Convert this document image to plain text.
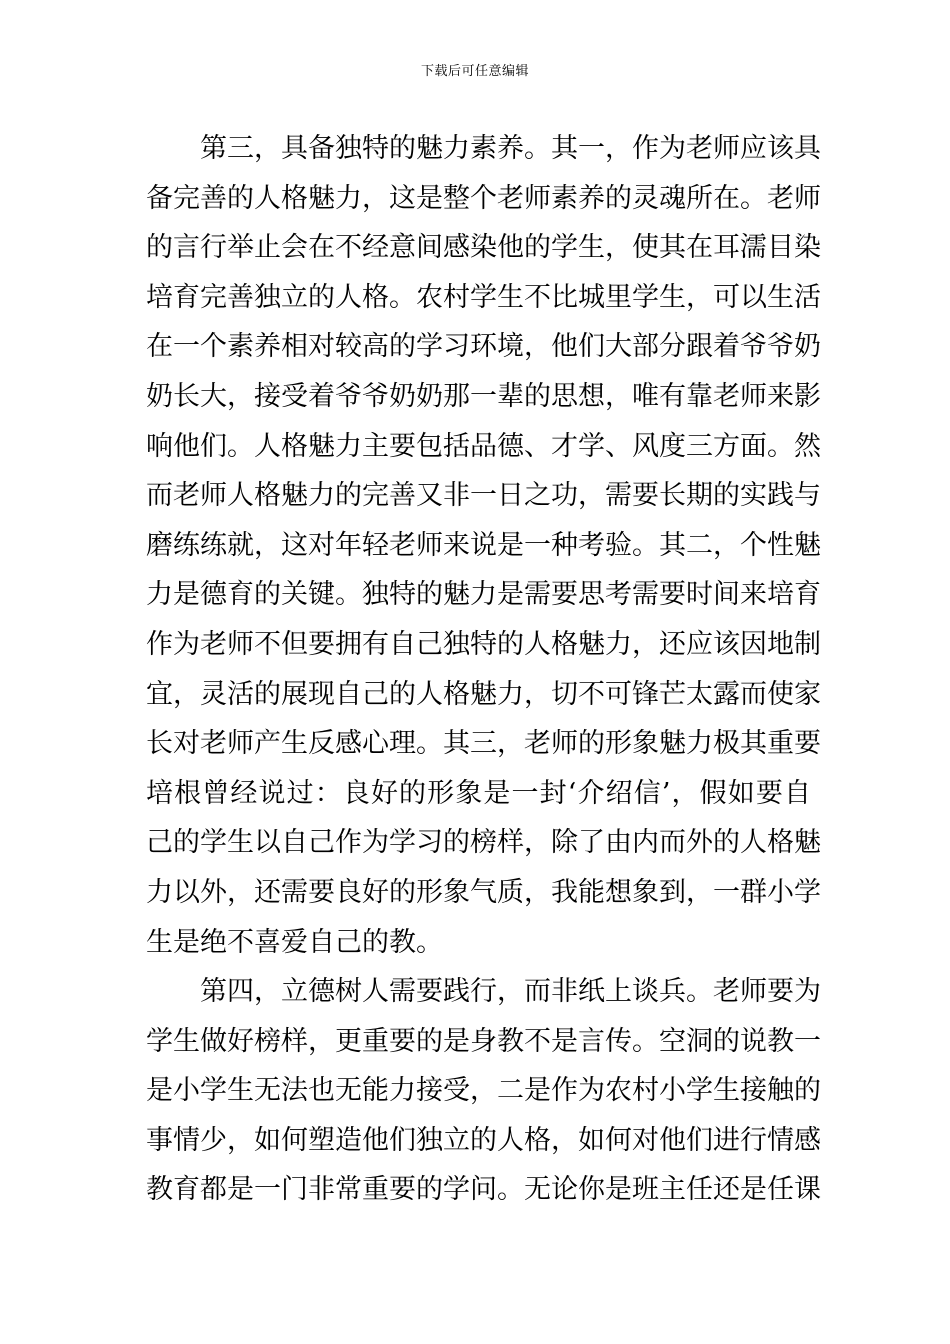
下载后可任意编辑
第三，具备独特的魅力素养。其一，作为老师应该具
备完善的人格魅力，这是整个老师素养的灵魂所在。老师
的言行举止会在不经意间感染他的学生，使其在耳濡目染
培育完善独立的人格。农村学生不比城里学生，可以生活
在一个素养相对较高的学习环境，他们大部分跟着爷爷奶
奶长大，接受着爷爷奶奶那一辈的思想，唯有靠老师来影
响他们。人格魅力主要包括品德、才学、风度三方面。然
而老师人格魅力的完善又非一日之功，需要长期的实践与
磨练练就，这对年轻老师来说是一种考验。其二，个性魅
力是德育的关键。独特的魅力是需要思考需要时间来培育
作为老师不但要拥有自己独特的人格魅力，还应该因地制
宜，灵活的展现自己的人格魅力，切不可锋芒太露而使家
长对老师产生反感心理。其三，老师的形象魅力极其重要
培根曾经说过：良好的形象是一封‘介绍信’，假如要自
己的学生以自己作为学习的榜样，除了由内而外的人格魅
力以外，还需要良好的形象气质，我能想象到，一群小学
生是绝不喜爱自己的教。
第四，立德树人需要践行，而非纸上谈兵。老师要为
学生做好榜样，更重要的是身教不是言传。空洞的说教一
是小学生无法也无能力接受，二是作为农村小学生接触的
事情少，如何塑造他们独立的人格，如何对他们进行情感
教育都是一门非常重要的学问。无论你是班主任还是任课
